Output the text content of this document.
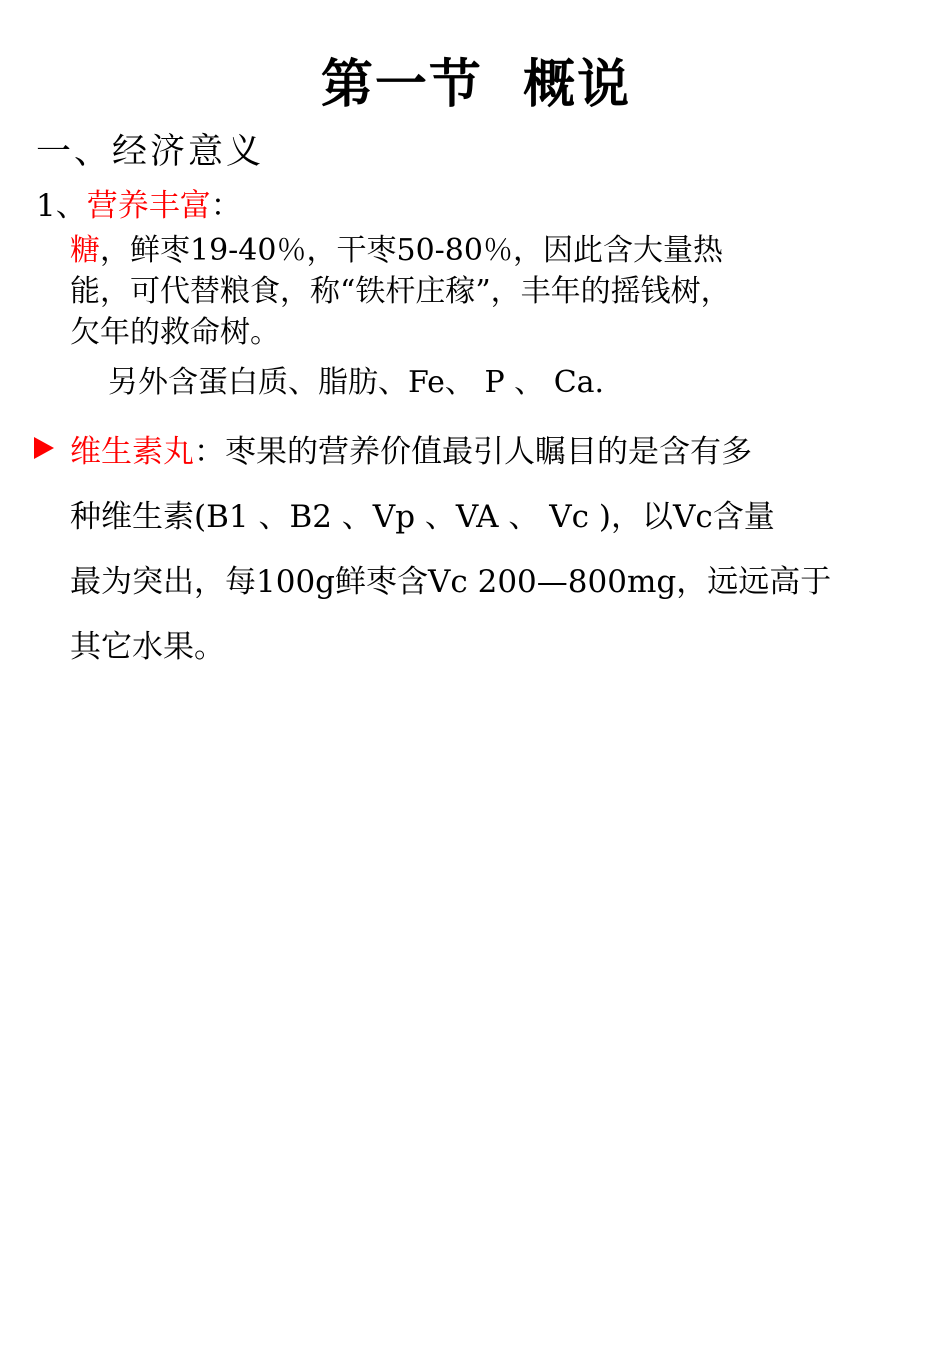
第一节  概说
一、经济意义
1、营养丰富：
糖，鲜枣19-40％，干枣50-80％，因此含大量热
能，可代替粮食，称“铁杆庄稼”，丰年的摇钱树，
欠年的救命树。
另外含蛋白质、脂肪、Fe、 P 、 Ca.
维生素丸：枣果的营养价值最引人瞩目的是含有多
种维生素(B1 、B2 、Vp 、VA 、 Vc )，以Vc含量
最为突出，每100g鲜枣含Vc 200—800mg，远远高于
其它水果。
